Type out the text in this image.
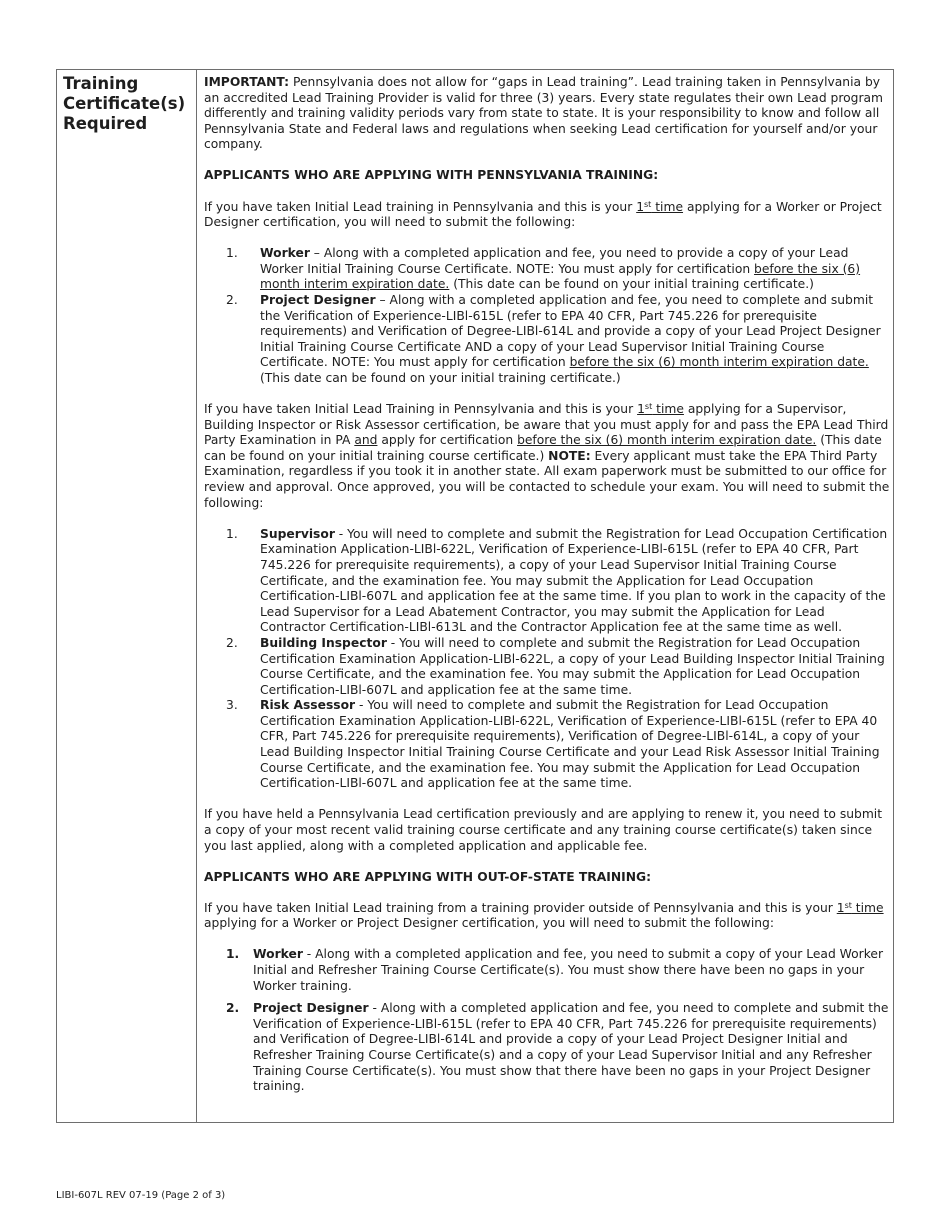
Training
Certificate(s)
Required

IMPORTANT: Pennsylvania does not allow for “gaps in Lead training”. Lead training taken in Pennsylvania by an accredited Lead Training Provider is valid for three (3) years. Every state regulates their own Lead program differently and training validity periods vary from state to state. It is your responsibility to know and follow all Pennsylvania State and Federal laws and regulations when seeking Lead certification for yourself and/or your company.

APPLICANTS WHO ARE APPLYING WITH PENNSYLVANIA TRAINING:

If you have taken Initial Lead training in Pennsylvania and this is your 1st time applying for a Worker or Project Designer certification, you will need to submit the following:

1. Worker – Along with a completed application and fee, you need to provide a copy of your Lead Worker Initial Training Course Certificate. NOTE: You must apply for certification before the six (6) month interim expiration date. (This date can be found on your initial training certificate.)
2. Project Designer – Along with a completed application and fee, you need to complete and submit the Verification of Experience-LIBl-615L (refer to EPA 40 CFR, Part 745.226 for prerequisite requirements) and Verification of Degree-LIBl-614L and provide a copy of your Lead Project Designer Initial Training Course Certificate AND a copy of your Lead Supervisor Initial Training Course Certificate. NOTE: You must apply for certification before the six (6) month interim expiration date. (This date can be found on your initial training certificate.)

If you have taken Initial Lead Training in Pennsylvania and this is your 1st time applying for a Supervisor, Building Inspector or Risk Assessor certification, be aware that you must apply for and pass the EPA Lead Third Party Examination in PA and apply for certification before the six (6) month interim expiration date. (This date can be found on your initial training course certificate.) NOTE: Every applicant must take the EPA Third Party Examination, regardless if you took it in another state. All exam paperwork must be submitted to our office for review and approval. Once approved, you will be contacted to schedule your exam. You will need to submit the following:

1. Supervisor - You will need to complete and submit the Registration for Lead Occupation Certification Examination Application-LIBl-622L, Verification of Experience-LIBl-615L (refer to EPA 40 CFR, Part 745.226 for prerequisite requirements), a copy of your Lead Supervisor Initial Training Course Certificate, and the examination fee. You may submit the Application for Lead Occupation Certification-LIBl-607L and application fee at the same time. If you plan to work in the capacity of the Lead Supervisor for a Lead Abatement Contractor, you may submit the Application for Lead Contractor Certification-LIBl-613L and the Contractor Application fee at the same time as well.
2. Building Inspector - You will need to complete and submit the Registration for Lead Occupation Certification Examination Application-LIBl-622L, a copy of your Lead Building Inspector Initial Training Course Certificate, and the examination fee. You may submit the Application for Lead Occupation Certification-LIBl-607L and application fee at the same time.
3. Risk Assessor - You will need to complete and submit the Registration for Lead Occupation Certification Examination Application-LIBl-622L, Verification of Experience-LIBl-615L (refer to EPA 40 CFR, Part 745.226 for prerequisite requirements), Verification of Degree-LIBl-614L, a copy of your Lead Building Inspector Initial Training Course Certificate and your Lead Risk Assessor Initial Training Course Certificate, and the examination fee. You may submit the Application for Lead Occupation Certification-LIBl-607L and application fee at the same time.

If you have held a Pennsylvania Lead certification previously and are applying to renew it, you need to submit a copy of your most recent valid training course certificate and any training course certificate(s) taken since you last applied, along with a completed application and applicable fee.

APPLICANTS WHO ARE APPLYING WITH OUT-OF-STATE TRAINING:

If you have taken Initial Lead training from a training provider outside of Pennsylvania and this is your 1st time applying for a Worker or Project Designer certification, you will need to submit the following:

1. Worker - Along with a completed application and fee, you need to submit a copy of your Lead Worker Initial and Refresher Training Course Certificate(s). You must show there have been no gaps in your Worker training.
2. Project Designer - Along with a completed application and fee, you need to complete and submit the Verification of Experience-LIBl-615L (refer to EPA 40 CFR, Part 745.226 for prerequisite requirements) and Verification of Degree-LIBl-614L and provide a copy of your Lead Project Designer Initial and Refresher Training Course Certificate(s) and a copy of your Lead Supervisor Initial and any Refresher Training Course Certificate(s). You must show that there have been no gaps in your Project Designer training.
LIBI-607L REV 07-19 (Page 2 of 3)
